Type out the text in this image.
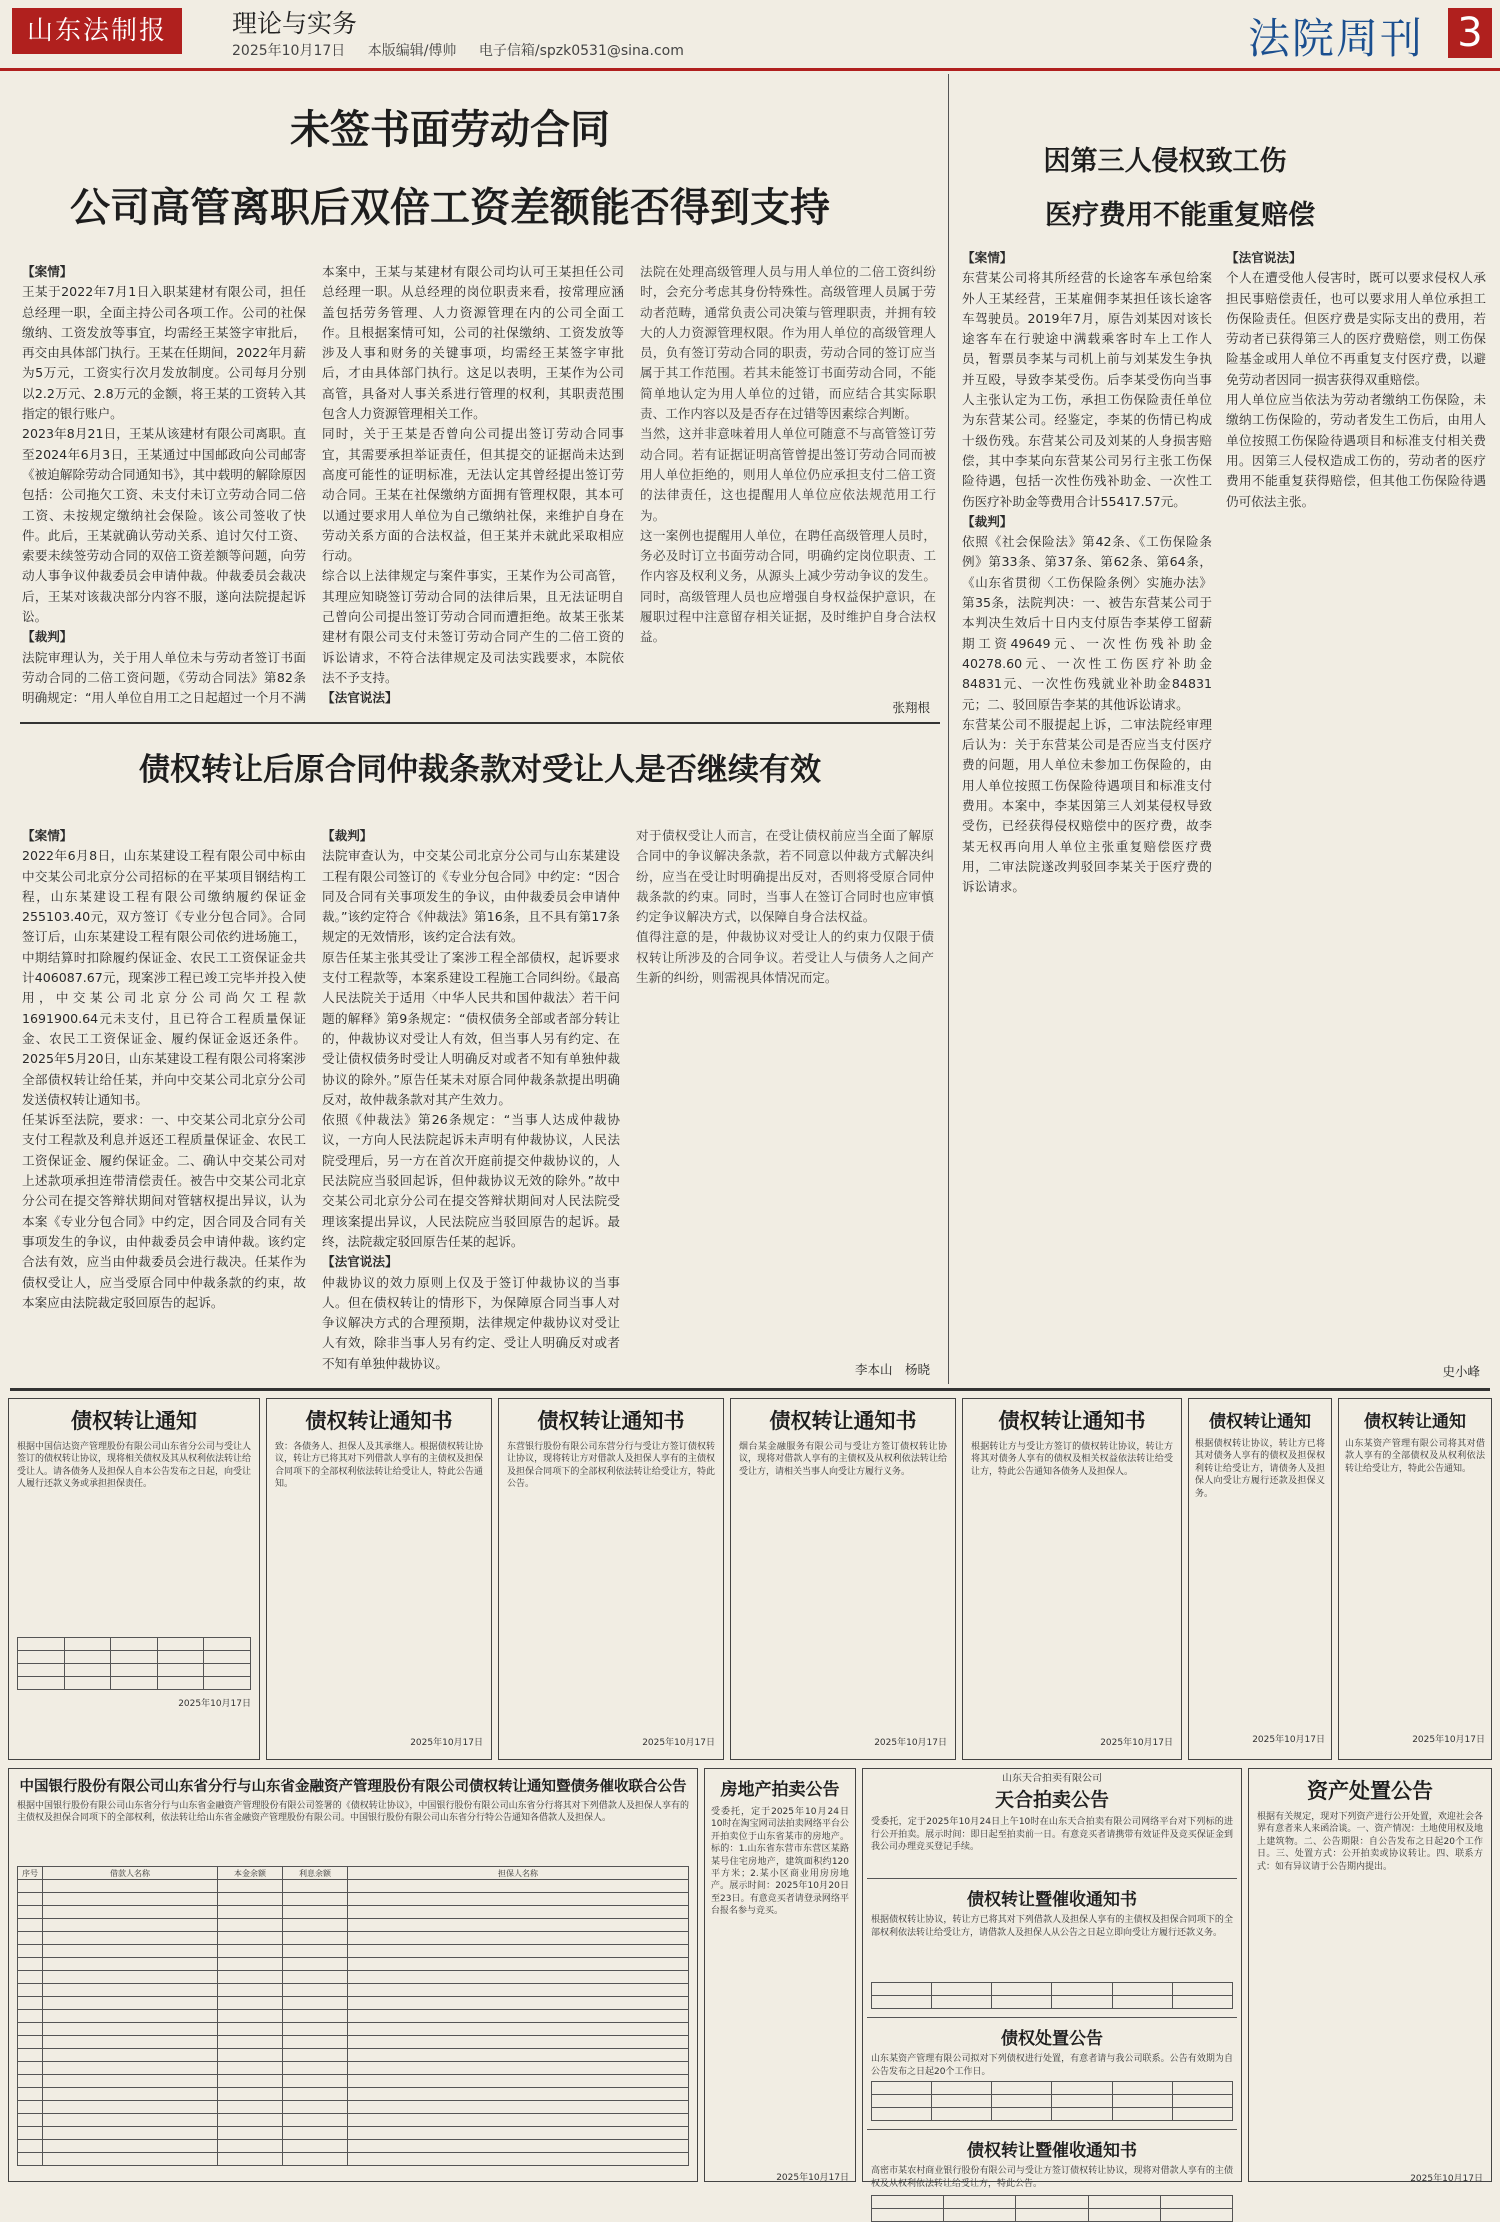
山东法制报	理论与实务
2025年10月17日 本版编辑/傅帅 电子信箱/spzk0531@sina.com	法院周刊 3
未签书面劳动合同
公司高管离职后双倍工资差额能否得到支持
【案情】
王某于2022年7月1日入职某建材有限公司，担任总经理一职，全面主持公司各项工作。公司的社保缴纳、工资发放等事宜，均需经王某签字审批后，再交由具体部门执行。王某在任期间，2022年月薪为5万元，工资实行次月发放制度。公司每月分别以2.2万元、2.8万元的金额，将王某的工资转入其指定的银行账户。
2023年8月21日，王某从该建材有限公司离职。直至2024年6月3日，王某通过中国邮政向公司邮寄《被迫解除劳动合同通知书》，其中载明的解除原因包括：公司拖欠工资、未支付未订立劳动合同二倍工资、未按规定缴纳社会保险。该公司签收了快件。此后，王某就确认劳动关系、追讨欠付工资、索要未续签劳动合同的双倍工资差额等问题，向劳动人事争议仲裁委员会申请仲裁。仲裁委员会裁决后，王某对该裁决部分内容不服，遂向法院提起诉讼。
【裁判】
法院审理认为，关于用人单位未与劳动者签订书面劳动合同的二倍工资问题，《劳动合同法》第82条明确规定：“用人单位自用工之日起超过一个月不满
本案中，王某与某建材有限公司均认可王某担任公司总经理一职。从总经理的岗位职责来看，按常理应涵盖包括劳务管理、人力资源管理在内的公司全面工作。且根据案情可知，公司的社保缴纳、工资发放等涉及人事和财务的关键事项，均需经王某签字审批后，才由具体部门执行。这足以表明，王某作为公司高管，具备对人事关系进行管理的权利，其职责范围包含人力资源管理相关工作。
同时，关于王某是否曾向公司提出签订劳动合同事宜，其需要承担举证责任，但其提交的证据尚未达到高度可能性的证明标准，无法认定其曾经提出签订劳动合同。王某在社保缴纳方面拥有管理权限，其本可以通过要求用人单位为自己缴纳社保，来维护自身在劳动关系方面的合法权益，但王某并未就此采取相应行动。
综合以上法律规定与案件事实，王某作为公司高管，其理应知晓签订劳动合同的法律后果，且无法证明自己曾向公司提出签订劳动合同而遭拒绝。故某王张某建材有限公司支付未签订劳动合同产生的二倍工资的诉讼请求，不符合法律规定及司法实践要求，本院依法不予支持。
【法官说法】

法院在处理高级管理人员与用人单位的二倍工资纠纷时，会充分考虑其身份特殊性。高级管理人员属于劳动者范畴，通常负责公司决策与管理职责，并拥有较大的人力资源管理权限。作为用人单位的高级管理人员，负有签订劳动合同的职责，劳动合同的签订应当属于其工作范围。若其未能签订书面劳动合同，不能简单地认定为用人单位的过错，而应结合其实际职责、工作内容以及是否存在过错等因素综合判断。
当然，这并非意味着用人单位可随意不与高管签订劳动合同。若有证据证明高管曾提出签订劳动合同而被用人单位拒绝的，则用人单位仍应承担支付二倍工资的法律责任，这也提醒用人单位应依法规范用工行为。
这一案例也提醒用人单位，在聘任高级管理人员时，务必及时订立书面劳动合同，明确约定岗位职责、工作内容及权利义务，从源头上减少劳动争议的发生。同时，高级管理人员也应增强自身权益保护意识，在履职过程中注意留存相关证据，及时维护自身合法权益。
张翔根
债权转让后原合同仲裁条款对受让人是否继续有效
【案情】
2022年6月8日，山东某建设工程有限公司中标由中交某公司北京分公司招标的在平某项目钢结构工程，山东某建设工程有限公司缴纳履约保证金255103.40元，双方签订《专业分包合同》。合同签订后，山东某建设工程有限公司依约进场施工，中期结算时扣除履约保证金、农民工工资保证金共计406087.67元，现案涉工程已竣工完毕并投入使用，中交某公司北京分公司尚欠工程款1691900.64元未支付，且已符合工程质量保证金、农民工工资保证金、履约保证金返还条件。2025年5月20日，山东某建设工程有限公司将案涉全部债权转让给任某，并向中交某公司北京分公司发送债权转让通知书。
任某诉至法院，要求：一、中交某公司北京分公司支付工程款及利息并返还工程质量保证金、农民工工资保证金、履约保证金。二、确认中交某公司对上述款项承担连带清偿责任。被告中交某公司北京分公司在提交答辩状期间对管辖权提出异议，认为本案《专业分包合同》中约定，因合同及合同有关事项发生的争议，由仲裁委员会申请仲裁。该约定合法有效，应当由仲裁委员会进行裁决。任某作为债权受让人，应当受原合同中仲裁条款的约束，故本案应由法院裁定驳回原告的起诉。
【裁判】
法院审查认为，中交某公司北京分公司与山东某建设工程有限公司签订的《专业分包合同》中约定：“因合同及合同有关事项发生的争议，由仲裁委员会申请仲裁。”该约定符合《仲裁法》第16条，且不具有第17条规定的无效情形，该约定合法有效。
原告任某主张其受让了案涉工程全部债权，起诉要求支付工程款等，本案系建设工程施工合同纠纷。《最高人民法院关于适用〈中华人民共和国仲裁法〉若干问题的解释》第9条规定：“债权债务全部或者部分转让的，仲裁协议对受让人有效，但当事人另有约定、在受让债权债务时受让人明确反对或者不知有单独仲裁协议的除外。”原告任某未对原合同仲裁条款提出明确反对，故仲裁条款对其产生效力。
依照《仲裁法》第26条规定：“当事人达成仲裁协议，一方向人民法院起诉未声明有仲裁协议，人民法院受理后，另一方在首次开庭前提交仲裁协议的，人民法院应当驳回起诉，但仲裁协议无效的除外。”故中交某公司北京分公司在提交答辩状期间对人民法院受理该案提出异议，人民法院应当驳回原告的起诉。最终，法院裁定驳回原告任某的起诉。
【法官说法】
仲裁协议的效力原则上仅及于签订仲裁协议的当事人。但在债权转让的情形下，为保障原合同当事人对争议解决方式的合理预期，法律规定仲裁协议对受让人有效，除非当事人另有约定、受让人明确反对或者不知有单独仲裁协议。
对于债权受让人而言，在受让债权前应当全面了解原合同中的争议解决条款，若不同意以仲裁方式解决纠纷，应当在受让时明确提出反对，否则将受原合同仲裁条款的约束。同时，当事人在签订合同时也应审慎约定争议解决方式，以保障自身合法权益。
值得注意的是，仲裁协议对受让人的约束力仅限于债权转让所涉及的合同争议。若受让人与债务人之间产生新的纠纷，则需视具体情况而定。
李本山　杨晓
因第三人侵权致工伤
医疗费用不能重复赔偿
【案情】
东营某公司将其所经营的长途客车承包给案外人王某经营，王某雇佣李某担任该长途客车驾驶员。2019年7月，原告刘某因对该长途客车在行驶途中满载乘客时车上工作人员，暂票员李某与司机上前与刘某发生争执并互殴，导致李某受伤。后李某受伤向当事人主张认定为工伤，承担工伤保险责任单位为东营某公司。经鉴定，李某的伤情已构成十级伤残。东营某公司及刘某的人身损害赔偿，其中李某向东营某公司另行主张工伤保险待遇，包括一次性伤残补助金、一次性工伤医疗补助金等费用合计55417.57元。
【裁判】
依照《社会保险法》第42条、《工伤保险条例》第33条、第37条、第62条、第64条，《山东省贯彻〈工伤保险条例〉实施办法》第35条，法院判决：一、被告东营某公司于本判决生效后十日内支付原告李某停工留薪期工资49649元、一次性伤残补助金40278.60元、一次性工伤医疗补助金84831元、一次性伤残就业补助金84831元；二、驳回原告李某的其他诉讼请求。
东营某公司不服提起上诉，二审法院经审理后认为：关于东营某公司是否应当支付医疗费的问题，用人单位未参加工伤保险的，由用人单位按照工伤保险待遇项目和标准支付费用。本案中，李某因第三人刘某侵权导致受伤，已经获得侵权赔偿中的医疗费，故李某无权再向用人单位主张重复赔偿医疗费用，二审法院遂改判驳回李某关于医疗费的诉讼请求。
【法官说法】
个人在遭受他人侵害时，既可以要求侵权人承担民事赔偿责任，也可以要求用人单位承担工伤保险责任。但医疗费是实际支出的费用，若劳动者已获得第三人的医疗费赔偿，则工伤保险基金或用人单位不再重复支付医疗费，以避免劳动者因同一损害获得双重赔偿。
用人单位应当依法为劳动者缴纳工伤保险，未缴纳工伤保险的，劳动者发生工伤后，由用人单位按照工伤保险待遇项目和标准支付相关费用。因第三人侵权造成工伤的，劳动者的医疗费用不能重复获得赔偿，但其他工伤保险待遇仍可依法主张。
史小峰
债权转让通知
根据中国信达资产管理股份有限公司山东省分公司与受让人签订的债权转让协议，现将相关债权及其从权利依法转让给受让人。请各债务人及担保人自本公告发布之日起，向受让人履行还款义务或承担担保责任。

2025年10月17日
债权转让通知书
致：各债务人、担保人及其承继人。根据债权转让协议，转让方已将其对下列借款人享有的主债权及担保合同项下的全部权利依法转让给受让人，特此公告通知。
2025年10月17日
债权转让通知书
东营银行股份有限公司东营分行与受让方签订债权转让协议，现将转让方对借款人及担保人享有的主债权及担保合同项下的全部权利依法转让给受让方，特此公告。
2025年10月17日
债权转让通知书
烟台某金融服务有限公司与受让方签订债权转让协议，现将对借款人享有的主债权及从权利依法转让给受让方，请相关当事人向受让方履行义务。
2025年10月17日
债权转让通知书
根据转让方与受让方签订的债权转让协议，转让方将其对债务人享有的债权及相关权益依法转让给受让方，特此公告通知各债务人及担保人。
2025年10月17日
债权转让通知
根据债权转让协议，转让方已将其对债务人享有的债权及担保权利转让给受让方，请债务人及担保人向受让方履行还款及担保义务。
2025年10月17日
债权转让通知
山东某资产管理有限公司将其对借款人享有的全部债权及从权利依法转让给受让方，特此公告通知。
2025年10月17日
中国银行股份有限公司山东省分行与山东省金融资产管理股份有限公司债权转让通知暨债务催收联合公告
根据中国银行股份有限公司山东省分行与山东省金融资产管理股份有限公司签署的《债权转让协议》，中国银行股份有限公司山东省分行将其对下列借款人及担保人享有的主债权及担保合同项下的全部权利，依法转让给山东省金融资产管理股份有限公司。中国银行股份有限公司山东省分行特公告通知各借款人及担保人。
序号	借款人名称	本金余额	利息余额	担保人名称

房地产拍卖公告
受委托，定于2025年10月24日10时在淘宝网司法拍卖网络平台公开拍卖位于山东省某市的房地产。标的：1.山东省东营市东营区某路某号住宅房地产，建筑面积约120平方米；2.某小区商业用房房地产。展示时间：2025年10月20日至23日。有意竞买者请登录网络平台报名参与竞买。
2025年10月17日
山东天合拍卖有限公司
天合拍卖公告
受委托，定于2025年10月24日上午10时在山东天合拍卖有限公司网络平台对下列标的进行公开拍卖。展示时间：即日起至拍卖前一日。有意竞买者请携带有效证件及竞买保证金到我公司办理竞买登记手续。
债权转让暨催收通知书
根据债权转让协议，转让方已将其对下列借款人及担保人享有的主债权及担保合同项下的全部权利依法转让给受让方，请借款人及担保人从公告之日起立即向受让方履行还款义务。

债权处置公告
山东某资产管理有限公司拟对下列债权进行处置，有意者请与我公司联系。公告有效期为自公告发布之日起20个工作日。

债权转让暨催收通知书
高密市某农村商业银行股份有限公司与受让方签订债权转让协议，现将对借款人享有的主债权及从权利依法转让给受让方，特此公告。

资产处置公告
根据有关规定，现对下列资产进行公开处置，欢迎社会各界有意者来人来函洽谈。一、资产情况：土地使用权及地上建筑物。二、公告期限：自公告发布之日起20个工作日。三、处置方式：公开拍卖或协议转让。四、联系方式：如有异议请于公告期内提出。
2025年10月17日
